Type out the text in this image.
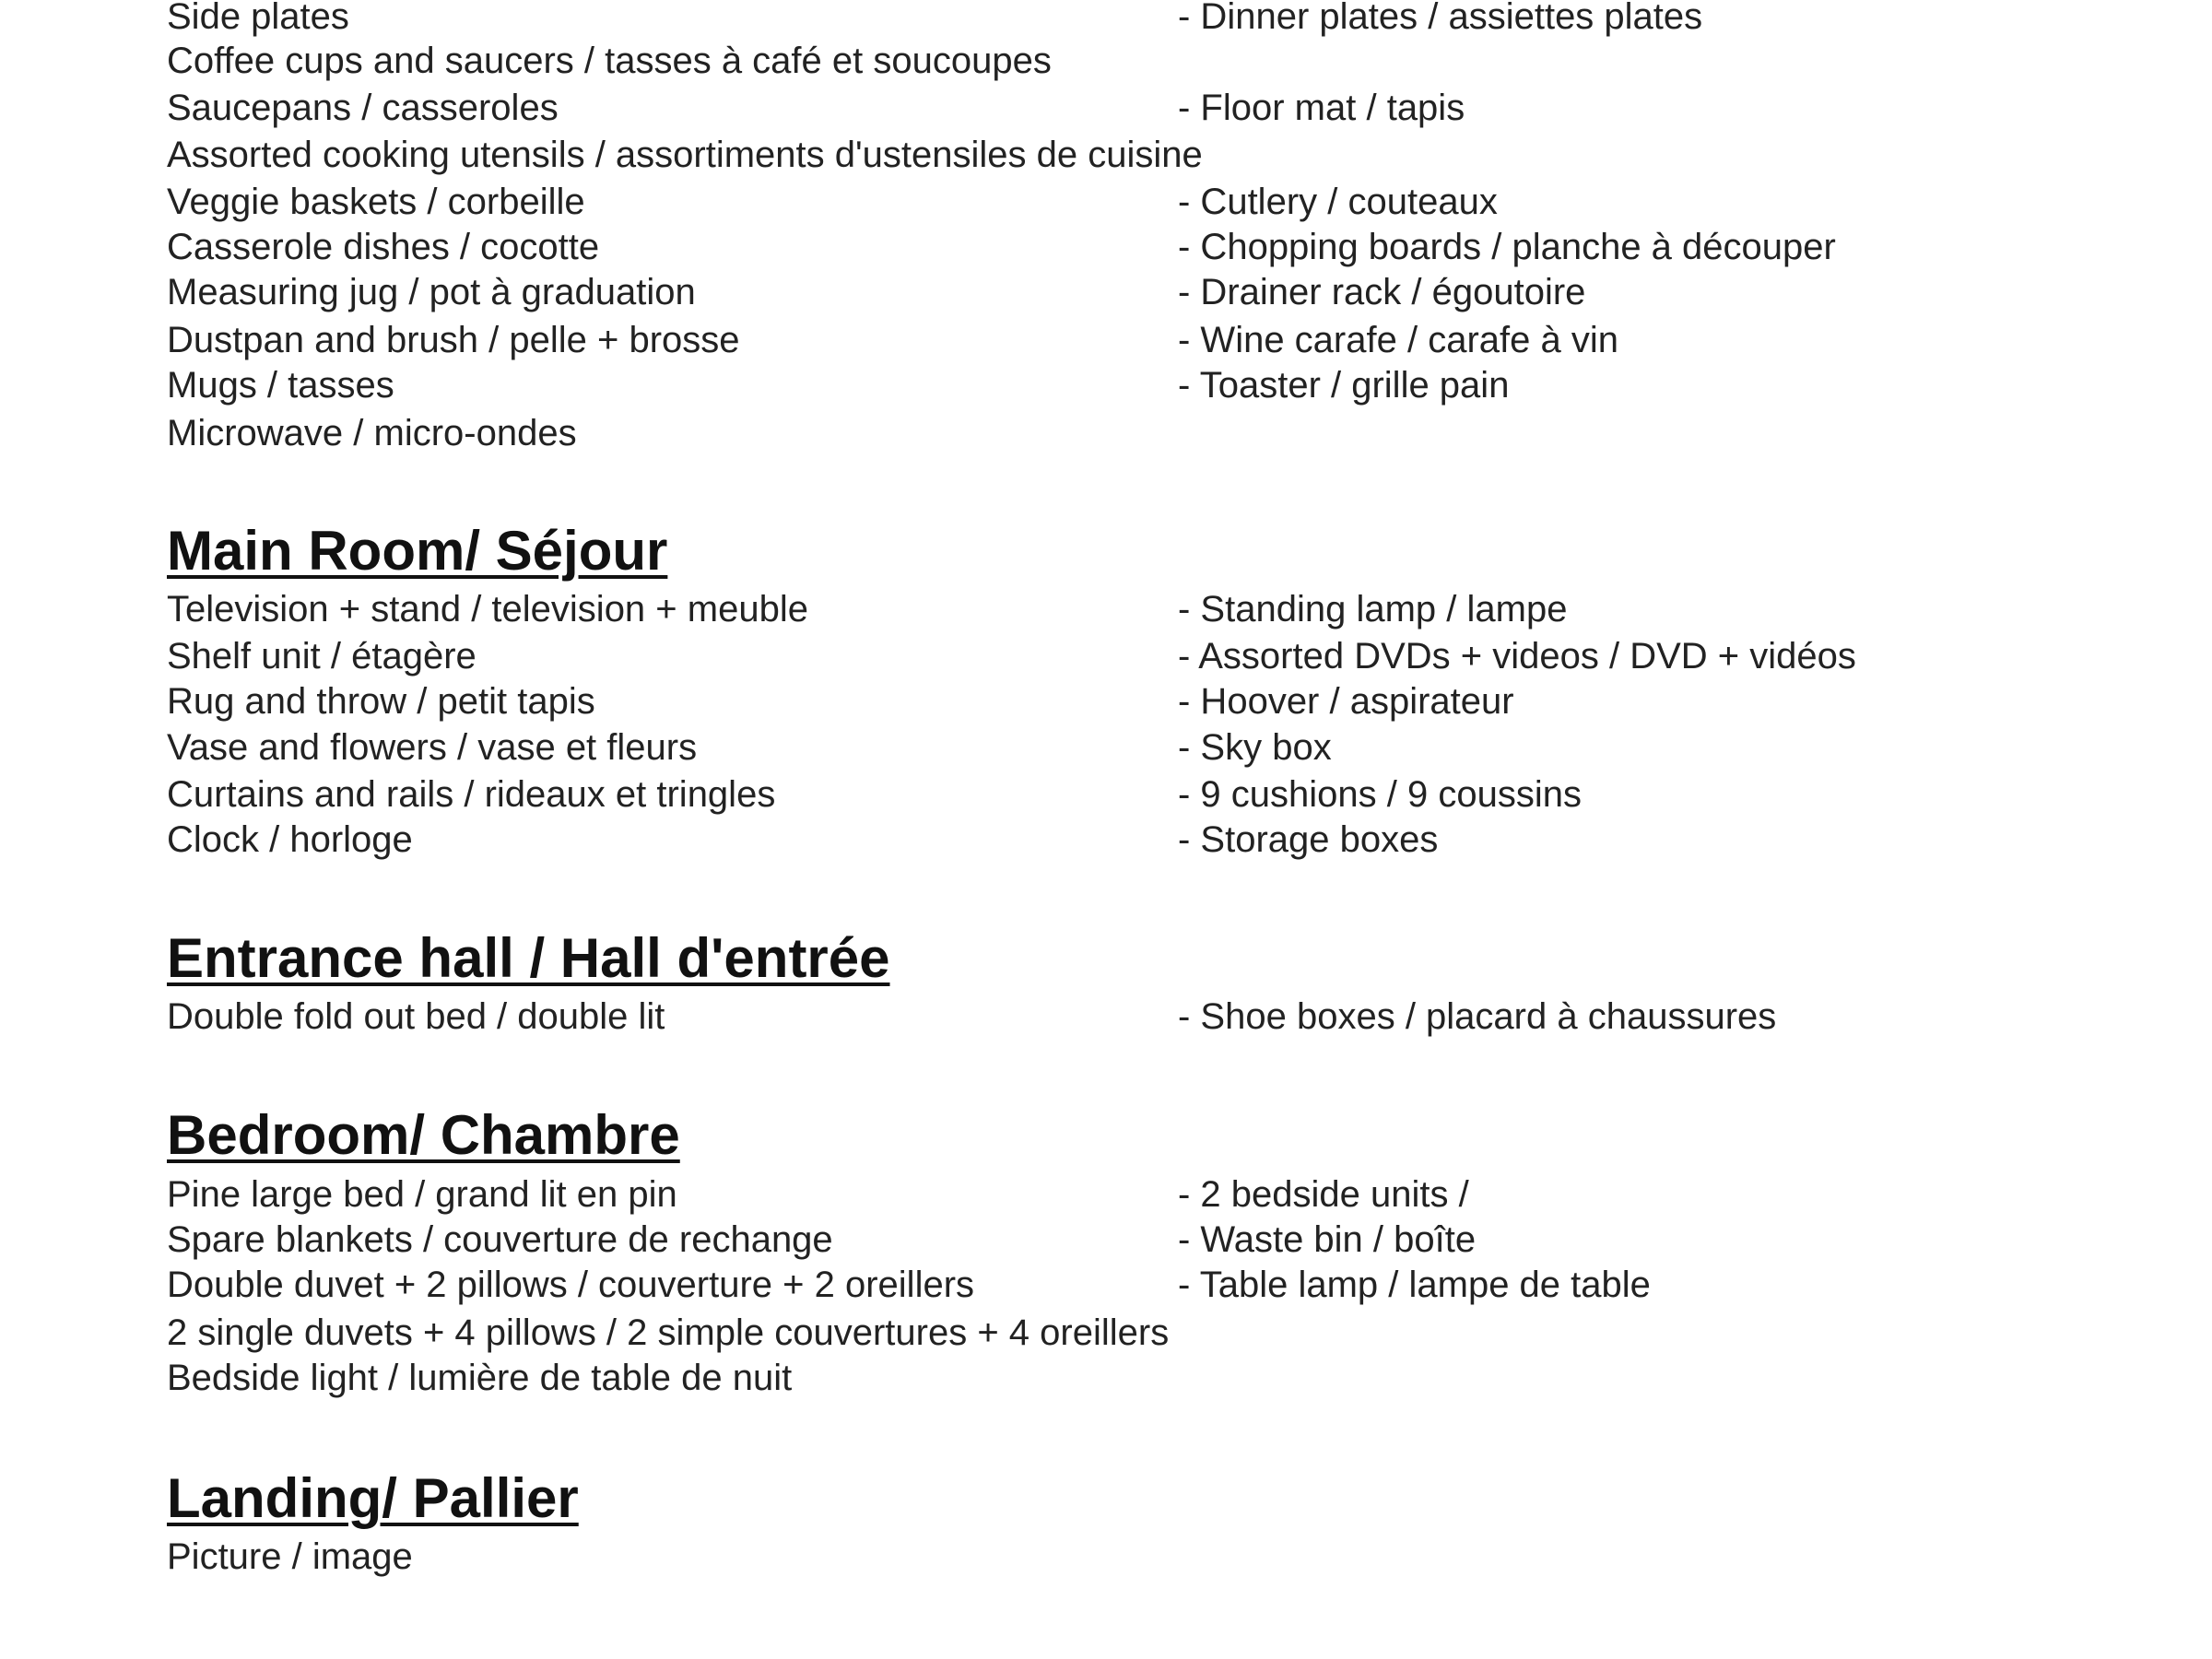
Side plates	- Dinner plates / assiettes plates
Coffee cups and saucers / tasses à café et soucoupes
Saucepans / casseroles	- Floor mat / tapis
Assorted cooking utensils / assortiments d'ustensiles de cuisine
Veggie baskets / corbeille	- Cutlery / couteaux
Casserole dishes / cocotte	- Chopping boards / planche à découper
Measuring jug / pot à graduation	- Drainer rack / égoutoire
Dustpan and brush / pelle + brosse	- Wine carafe / carafe à vin
Mugs / tasses	- Toaster / grille pain
Microwave / micro-ondes
Main Room/ Séjour
Television + stand / television + meuble	- Standing lamp / lampe
Shelf unit / étagère	- Assorted DVDs + videos / DVD + vidéos
Rug and throw / petit tapis	- Hoover / aspirateur
Vase and flowers / vase et fleurs	- Sky box
Curtains and rails / rideaux et tringles	- 9 cushions / 9 coussins
Clock / horloge	- Storage boxes
Entrance hall / Hall d'entrée
Double fold out bed / double lit	- Shoe boxes / placard à chaussures
Bedroom/ Chambre
Pine large bed / grand lit en pin	- 2 bedside units /
Spare blankets / couverture de rechange	- Waste bin / boîte
Double duvet + 2 pillows / couverture + 2 oreillers	- Table lamp / lampe de table
2 single duvets + 4 pillows / 2 simple couvertures + 4 oreillers
Bedside light / lumière de table de nuit
Landing/ Pallier
Picture / image
